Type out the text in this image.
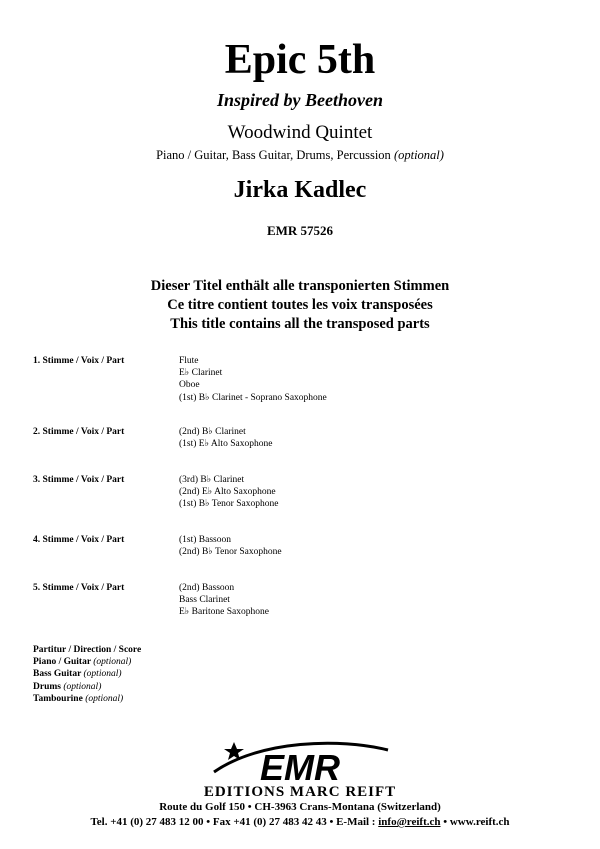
Epic 5th
Inspired by Beethoven
Woodwind Quintet
Piano / Guitar, Bass Guitar, Drums, Percussion (optional)
Jirka Kadlec
EMR 57526
Dieser Titel enthält alle transponierten Stimmen
Ce titre contient toutes les voix transposées
This title contains all the transposed parts
1. Stimme / Voix / Part	Flute
E♭ Clarinet
Oboe
(1st) B♭ Clarinet - Soprano Saxophone
2. Stimme / Voix / Part	(2nd) B♭ Clarinet
(1st) E♭ Alto Saxophone
3. Stimme / Voix / Part	(3rd) B♭ Clarinet
(2nd) E♭ Alto Saxophone
(1st) B♭ Tenor Saxophone
4. Stimme / Voix / Part	(1st) Bassoon
(2nd) B♭ Tenor Saxophone
5. Stimme / Voix / Part	(2nd) Bassoon
Bass Clarinet
E♭ Baritone Saxophone
Partitur / Direction / Score
Piano / Guitar (optional)
Bass Guitar (optional)
Drums (optional)
Tambourine (optional)
EMR
EDITIONS MARC REIFT
Route du Golf 150 • CH-3963 Crans-Montana (Switzerland)
Tel. +41 (0) 27 483 12 00 • Fax +41 (0) 27 483 42 43 • E-Mail : info@reift.ch • www.reift.ch
